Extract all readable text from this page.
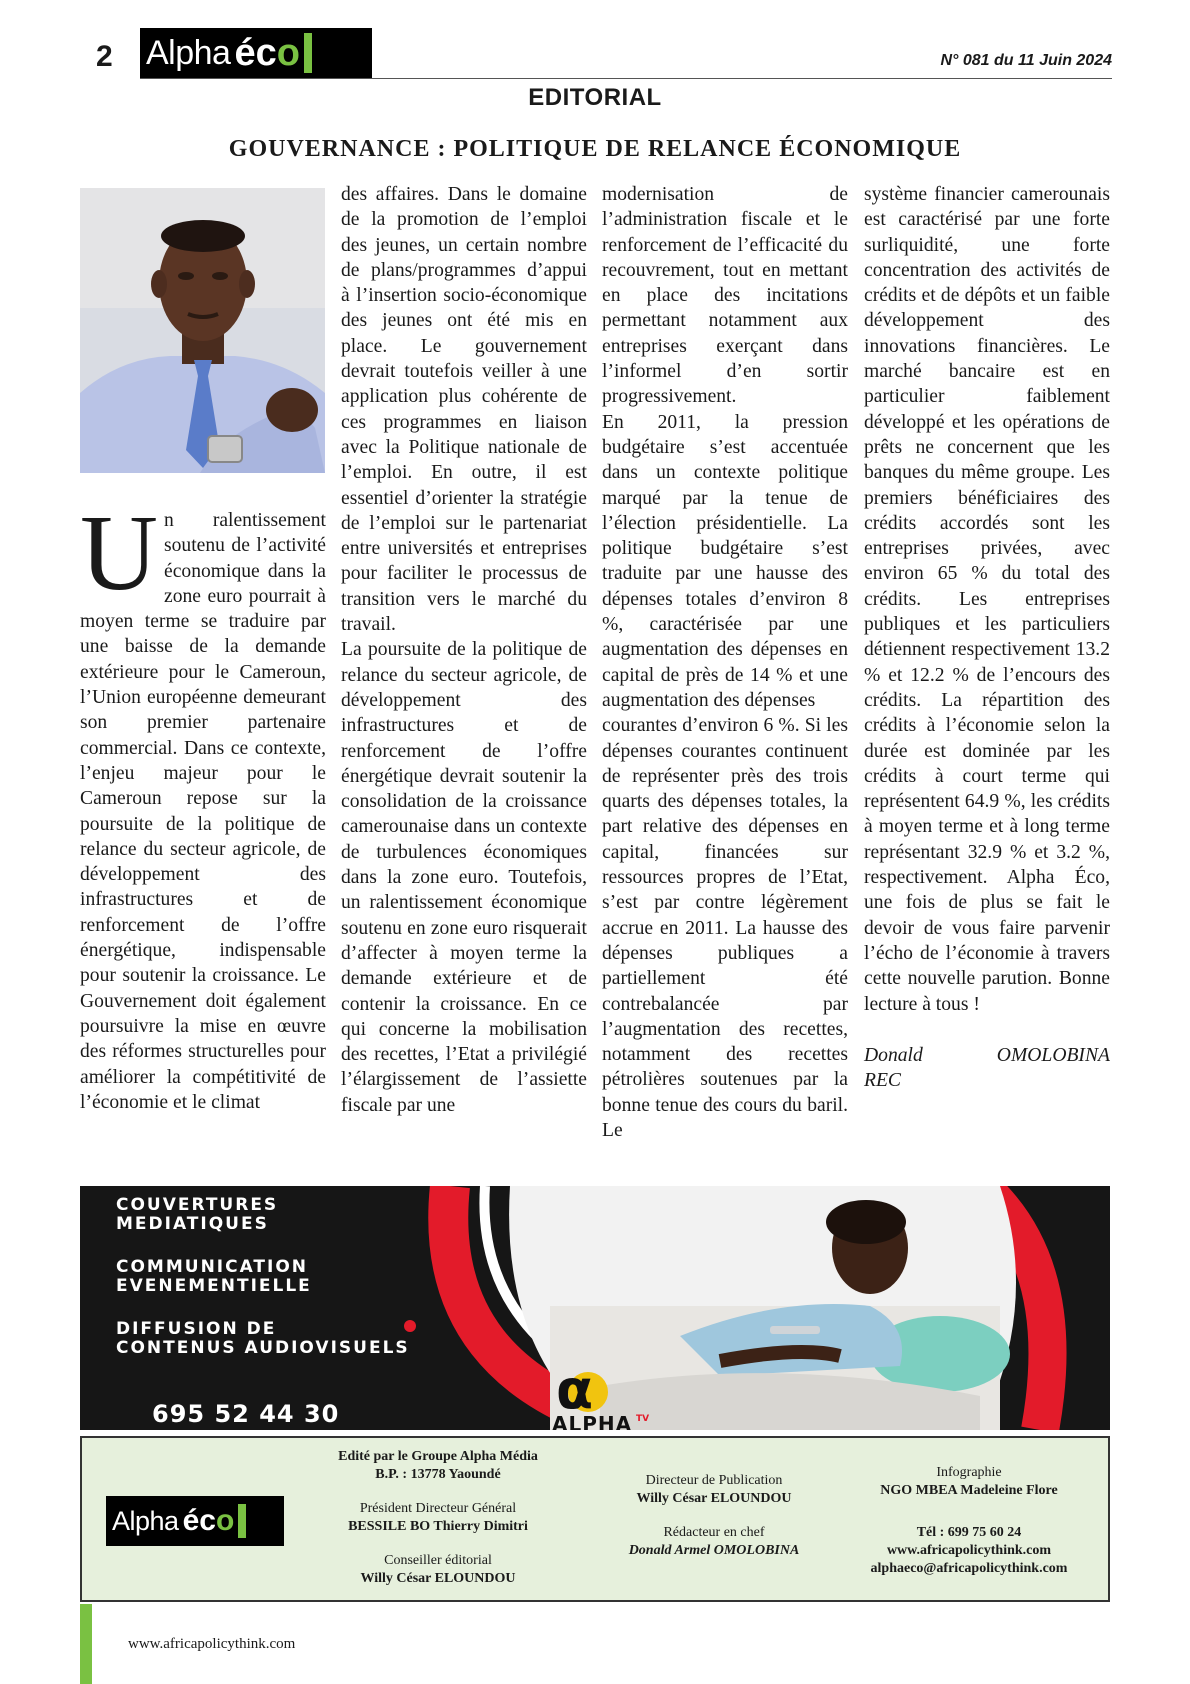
2 Alpha éco	N° 081 du 11 Juin 2024
EDITORIAL
GOUVERNANCE : POLITIQUE DE RELANCE ÉCONOMIQUE

Un ralentissement soutenu de l’activité économique dans la zone euro pourrait à moyen terme se traduire par une baisse de la demande extérieure pour le Cameroun, l’Union européenne demeurant son premier partenaire commercial. Dans ce contexte, l’enjeu majeur pour le Cameroun repose sur la poursuite de la politique de relance du secteur agricole, de développement des infrastructures et de renforcement de l’offre énergétique, indispensable pour soutenir la croissance. Le Gouvernement doit également poursuivre la mise en œuvre des réformes structurelles pour améliorer la compétitivité de l’économie et le climat

des affaires. Dans le domaine de la promotion de l’emploi des jeunes, un certain nombre de plans/programmes d’appui à l’insertion socio-économique des jeunes ont été mis en place. Le gouvernement devrait toutefois veiller à une application plus cohérente de ces programmes en liaison avec la Politique nationale de l’emploi. En outre, il est essentiel d’orienter la stratégie de l’emploi sur le partenariat entre universités et entreprises pour faciliter le processus de transition vers le marché du travail.

La poursuite de la politique de relance du secteur agricole, de développement des infrastructures et de renforcement de l’offre énergétique devrait soutenir la consolidation de la croissance camerounaise dans un contexte de turbulences économiques dans la zone euro. Toutefois, un ralentissement économique soutenu en zone euro risquerait d’affecter à moyen terme la demande extérieure et de contenir la croissance. En ce qui concerne la mobilisation des recettes, l’Etat a privilégié l’élargissement de l’assiette fiscale par une

modernisation de l’administration fiscale et le renforcement de l’efficacité du recouvrement, tout en mettant en place des incitations permettant notamment aux entreprises exerçant dans l’informel d’en sortir progressivement.

En 2011, la pression budgétaire s’est accentuée dans un contexte politique marqué par la tenue de l’élection présidentielle. La politique budgétaire s’est traduite par une hausse des dépenses totales d’environ 8 %, caractérisée par une augmentation des dépenses en capital de près de 14 % et une augmentation des dépenses

courantes d’environ 6 %. Si les dépenses courantes continuent de représenter près des trois quarts des dépenses totales, la part relative des dépenses en capital, financées sur ressources propres de l’Etat, s’est par contre légèrement accrue en 2011. La hausse des dépenses publiques a partiellement été contrebalancée par l’augmentation des recettes, notamment des recettes pétrolières soutenues par la bonne tenue des cours du baril. Le

système financier camerounais est caractérisé par une forte surliquidité, une forte concentration des activités de crédits et de dépôts et un faible développement des innovations financières. Le marché bancaire est en particulier faiblement développé et les opérations de prêts ne concernent que les banques du même groupe. Les premiers bénéficiaires des crédits accordés sont les entreprises privées, avec environ 65 % du total des crédits. Les entreprises publiques et les particuliers détiennent respectivement 13.2 % et 12.2 % de l’encours des crédits. La répartition des crédits à l’économie selon la durée est dominée par les crédits à court terme qui représentent 64.9 %, les crédits à moyen terme et à long terme représentant 32.9 % et 3.2 %, respectivement. Alpha Éco, une fois de plus se fait le devoir de vous faire parvenir l’écho de l’économie à travers cette nouvelle parution. Bonne lecture à tous !

Donald	OMOLOBINA

REC

α
COUVERTURES
MEDIATIQUES
COMMUNICATION
EVENEMENTIELLE
DIFFUSION DE
CONTENUS AUDIOVISUELS
695 52 44 30	ALPHA TV
Alpha éco
Edité par le Groupe Alpha Média
B.P. : 13778 Yaoundé
Président Directeur Général
BESSILE BO Thierry Dimitri
Conseiller éditorial
Willy César ELOUNDOU
Directeur de Publication
Willy César ELOUNDOU
Rédacteur en chef
Donald Armel OMOLOBINA
Infographie
NGO MBEA Madeleine Flore
Tél : 699 75 60 24
www.africapolicythink.com
alphaeco@africapolicythink.com
www.africapolicythink.com
